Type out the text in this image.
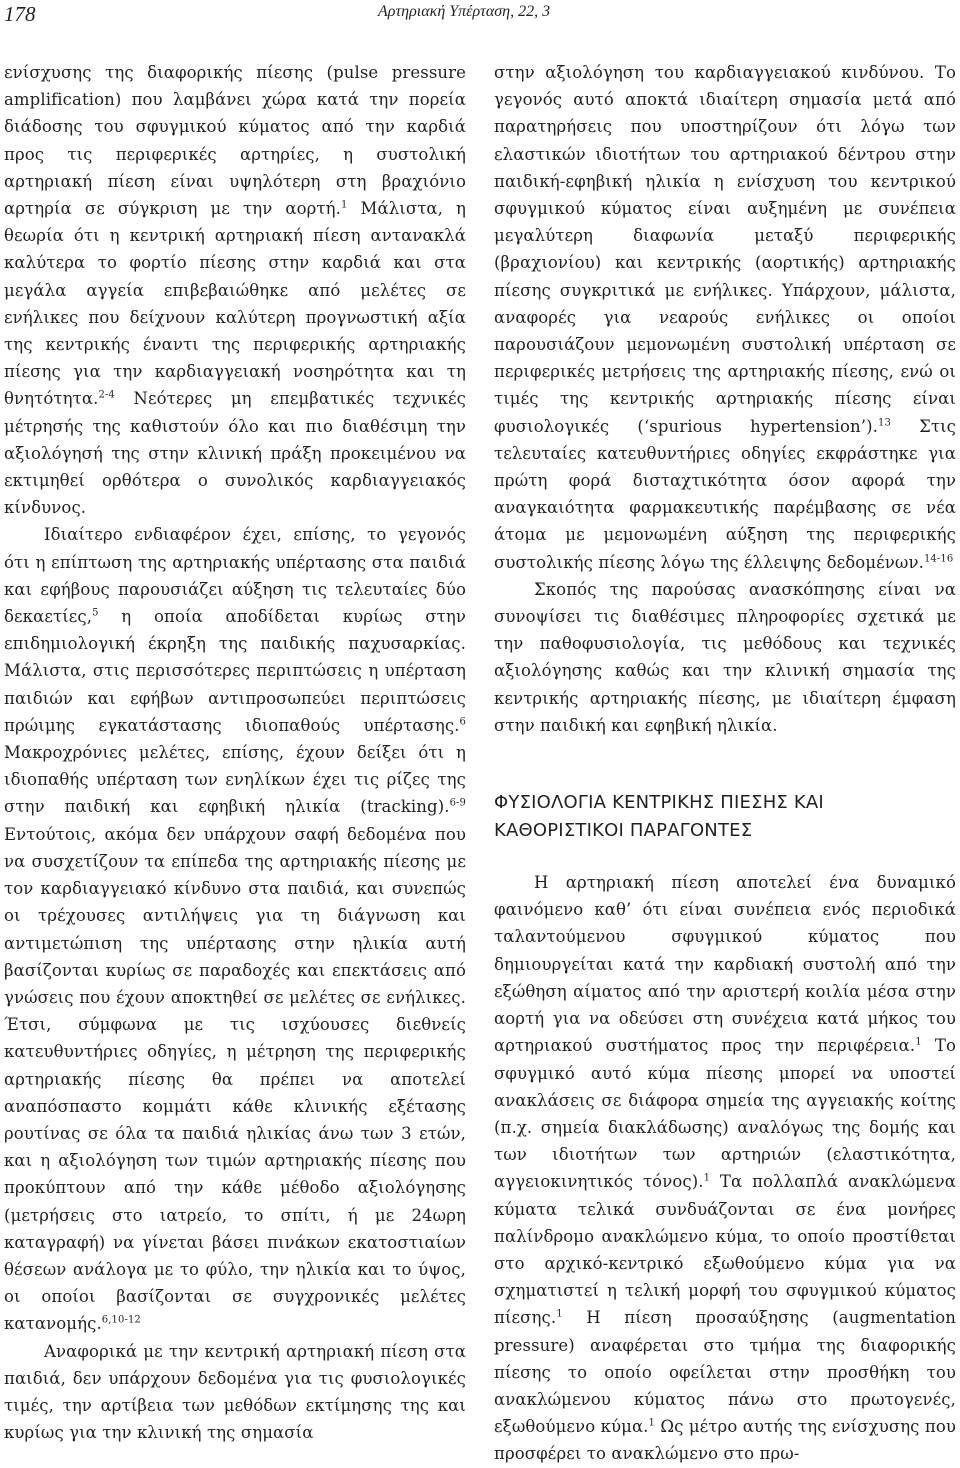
178	Αρτηριακή Υπέρταση, 22, 3

ενίσχυσης της διαφορικής πίεσης (pulse pressure amplification) που λαμβάνει χώρα κατά την πορεία διάδοσης του σφυγμικού κύματος από την καρδιά προς τις περιφερικές αρτηρίες, η συστολική αρτηριακή πίεση είναι υψηλότερη στη βραχιόνιο αρτηρία σε σύγκριση με την αορτή.$^1$ Μάλιστα, η θεωρία ότι η κεντρική αρτηριακή πίεση αντανακλά καλύτερα το φορτίο πίεσης στην καρδιά και στα μεγάλα αγγεία επιβεβαιώθηκε από μελέτες σε ενήλικες που δείχνουν καλύτερη προγνωστική αξία της κεντρικής έναντι της περιφερικής αρτηριακής πίεσης για την καρδιαγγειακή νοσηρότητα και τη θνητότητα.$^{2-4}$ Νεότερες μη επεμβατικές τεχνικές μέτρησής της καθιστούν όλο και πιο διαθέσιμη την αξιολόγησή της στην κλινική πράξη προκειμένου να εκτιμηθεί ορθότερα ο συνολικός καρδιαγγειακός κίνδυνος.

Ιδιαίτερο ενδιαφέρον έχει, επίσης, το γεγονός ότι η επίπτωση της αρτηριακής υπέρτασης στα παιδιά και εφήβους παρουσιάζει αύξηση τις τελευταίες δύο δεκαετίες,$^5$ η οποία αποδίδεται κυρίως στην επιδημιολογική έκρηξη της παιδικής παχυσαρκίας. Μάλιστα, στις περισσότερες περιπτώσεις η υπέρταση παιδιών και εφήβων αντιπροσωπεύει περιπτώσεις πρώιμης εγκατάστασης ιδιοπαθούς υπέρτασης.$^6$ Μακροχρόνιες μελέτες, επίσης, έχουν δείξει ότι η ιδιοπαθής υπέρταση των ενηλίκων έχει τις ρίζες της στην παιδική και εφηβική ηλικία (tracking).$^{6-9}$ Εντούτοις, ακόμα δεν υπάρχουν σαφή δεδομένα που να συσχετίζουν τα επίπεδα της αρτηριακής πίεσης με τον καρδιαγγειακό κίνδυνο στα παιδιά, και συνεπώς οι τρέχουσες αντιλήψεις για τη διάγνωση και αντιμετώπιση της υπέρτασης στην ηλικία αυτή βασίζονται κυρίως σε παραδοχές και επεκτάσεις από γνώσεις που έχουν αποκτηθεί σε μελέτες σε ενήλικες. Έτσι, σύμφωνα με τις ισχύουσες διεθνείς κατευθυντήριες οδηγίες, η μέτρηση της περιφερικής αρτηριακής πίεσης θα πρέπει να αποτελεί αναπόσπαστο κομμάτι κάθε κλινικής εξέτασης ρουτίνας σε όλα τα παιδιά ηλικίας άνω των 3 ετών, και η αξιολόγηση των τιμών αρτηριακής πίεσης που προκύπτουν από την κάθε μέθοδο αξιολόγησης (μετρήσεις στο ιατρείο, το σπίτι, ή με 24ωρη καταγραφή) να γίνεται βάσει πινάκων εκατοστιαίων θέσεων ανάλογα με το φύλο, την ηλικία και το ύψος, οι οποίοι βασίζονται σε συγχρονικές μελέτες κατανομής.$^{6,10-12}$

Αναφορικά με την κεντρική αρτηριακή πίεση στα παιδιά, δεν υπάρχουν δεδομένα για τις φυσιολογικές τιμές, την αρτίβεια των μεθόδων εκτίμησης της και κυρίως για την κλινική της σημασία

στην αξιολόγηση του καρδιαγγειακού κινδύνου. Το γεγονός αυτό αποκτά ιδιαίτερη σημασία μετά από παρατηρήσεις που υποστηρίζουν ότι λόγω των ελαστικών ιδιοτήτων του αρτηριακού δέντρου στην παιδική-εφηβική ηλικία η ενίσχυση του κεντρικού σφυγμικού κύματος είναι αυξημένη με συνέπεια μεγαλύτερη διαφωνία μεταξύ περιφερικής (βραχιονίου) και κεντρικής (αορτικής) αρτηριακής πίεσης συγκριτικά με ενήλικες. Υπάρχουν, μάλιστα, αναφορές για νεαρούς ενήλικες οι οποίοι παρουσιάζουν μεμονωμένη συστολική υπέρταση σε περιφερικές μετρήσεις της αρτηριακής πίεσης, ενώ οι τιμές της κεντρικής αρτηριακής πίεσης είναι φυσιολογικές (‘spurious hypertension’).$^{13}$ Στις τελευταίες κατευθυντήριες οδηγίες εκφράστηκε για πρώτη φορά δισταχτικότητα όσον αφορά την αναγκαιότητα φαρμακευτικής παρέμβασης σε νέα άτομα με μεμονωμένη αύξηση της περιφερικής συστολικής πίεσης λόγω της έλλειψης δεδομένων.$^{14-16}$

Σκοπός της παρούσας ανασκόπησης είναι να συνοψίσει τις διαθέσιμες πληροφορίες σχετικά με την παθοφυσιολογία, τις μεθόδους και τεχνικές αξιολόγησης καθώς και την κλινική σημασία της κεντρικής αρτηριακής πίεσης, με ιδιαίτερη έμφαση στην παιδική και εφηβική ηλικία.

ΦΥΣΙΟΛΟΓΙΑ ΚΕΝΤΡΙΚΗΣ ΠΙΕΣΗΣ ΚΑΙ
ΚΑΘΟΡΙΣΤΙΚΟΙ ΠΑΡΑΓΟΝΤΕΣ

Η αρτηριακή πίεση αποτελεί ένα δυναμικό φαινόμενο καθ’ ότι είναι συνέπεια ενός περιοδικά ταλαντούμενου σφυγμικού κύματος που δημιουργείται κατά την καρδιακή συστολή από την εξώθηση αίματος από την αριστερή κοιλία μέσα στην αορτή για να οδεύσει στη συνέχεια κατά μήκος του αρτηριακού συστήματος προς την περιφέρεια.$^1$ Το σφυγμικό αυτό κύμα πίεσης μπορεί να υποστεί ανακλάσεις σε διάφορα σημεία της αγγειακής κοίτης (π.χ. σημεία διακλάδωσης) αναλόγως της δομής και των ιδιοτήτων των αρτηριών (ελαστικότητα, αγγειοκινητικός τόνος).$^1$ Τα πολλαπλά ανακλώμενα κύματα τελικά συνδυάζονται σε ένα μονήρες παλίνδρομο ανακλώμενο κύμα, το οποίο προστίθεται στο αρχικό-κεντρικό εξωθούμενο κύμα για να σχηματιστεί η τελική μορφή του σφυγμικού κύματος πίεσης.$^1$ Η πίεση προσαύξησης (augmentation pressure) αναφέρεται στο τμήμα της διαφορικής πίεσης το οποίο οφείλεται στην προσθήκη του ανακλώμενου κύματος πάνω στο πρωτογενές, εξωθούμενο κύμα.$^1$ Ως μέτρο αυτής της ενίσχυσης που προσφέρει το ανακλώμενο στο πρω-
